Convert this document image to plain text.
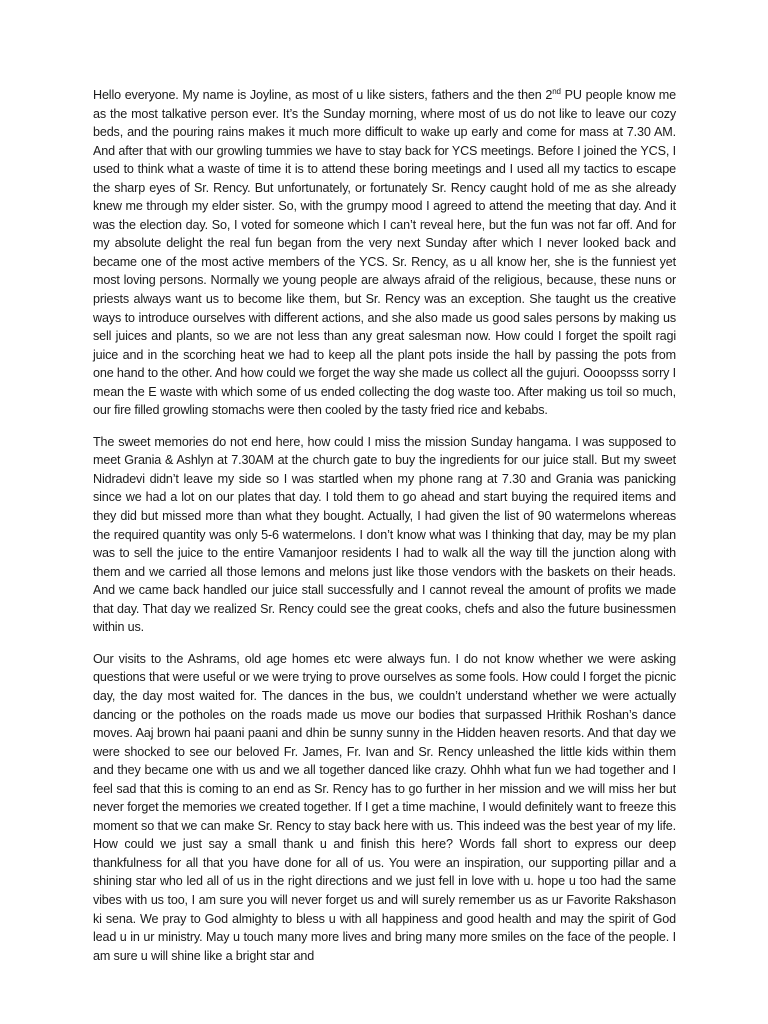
Hello everyone. My name is Joyline, as most of u like sisters, fathers and the then 2nd PU people know me as the most talkative person ever. It’s the Sunday morning, where most of us do not like to leave our cozy beds, and the pouring rains makes it much more difficult to wake up early and come for mass at 7.30 AM. And after that with our growling tummies we have to stay back for YCS meetings. Before I joined the YCS, I used to think what a waste of time it is to attend these boring meetings and I used all my tactics to escape the sharp eyes of Sr. Rency. But unfortunately, or fortunately Sr. Rency caught hold of me as she already knew me through my elder sister. So, with the grumpy mood I agreed to attend the meeting that day. And it was the election day. So, I voted for someone which I can’t reveal here, but the fun was not far off. And for my absolute delight the real fun began from the very next Sunday after which I never looked back and became one of the most active members of the YCS. Sr. Rency, as u all know her, she is the funniest yet most loving persons. Normally we young people are always afraid of the religious, because, these nuns or priests always want us to become like them, but Sr. Rency was an exception. She taught us the creative ways to introduce ourselves with different actions, and she also made us good sales persons by making us sell juices and plants, so we are not less than any great salesman now. How could I forget the spoilt ragi juice and in the scorching heat we had to keep all the plant pots inside the hall by passing the pots from one hand to the other. And how could we forget the way she made us collect all the gujuri. Oooopsss sorry I mean the E waste with which some of us ended collecting the dog waste too. After making us toil so much, our fire filled growling stomachs were then cooled by the tasty fried rice and kebabs.

The sweet memories do not end here, how could I miss the mission Sunday hangama. I was supposed to meet Grania & Ashlyn at 7.30AM at the church gate to buy the ingredients for our juice stall. But my sweet Nidradevi didn’t leave my side so I was startled when my phone rang at 7.30 and Grania was panicking since we had a lot on our plates that day. I told them to go ahead and start buying the required items and they did but missed more than what they bought. Actually, I had given the list of 90 watermelons whereas the required quantity was only 5-6 watermelons. I don’t know what was I thinking that day, may be my plan was to sell the juice to the entire Vamanjoor residents I had to walk all the way till the junction along with them and we carried all those lemons and melons just like those vendors with the baskets on their heads. And we came back handled our juice stall successfully and I cannot reveal the amount of profits we made that day. That day we realized Sr. Rency could see the great cooks, chefs and also the future businessmen within us.

Our visits to the Ashrams, old age homes etc were always fun. I do not know whether we were asking questions that were useful or we were trying to prove ourselves as some fools. How could I forget the picnic day, the day most waited for. The dances in the bus, we couldn’t understand whether we were actually dancing or the potholes on the roads made us move our bodies that surpassed Hrithik Roshan’s dance moves. Aaj brown hai paani paani and dhin be sunny sunny in the Hidden heaven resorts. And that day we were shocked to see our beloved Fr. James, Fr. Ivan and Sr. Rency unleashed the little kids within them and they became one with us and we all together danced like crazy. Ohhh what fun we had together and I feel sad that this is coming to an end as Sr. Rency has to go further in her mission and we will miss her but never forget the memories we created together. If I get a time machine, I would definitely want to freeze this moment so that we can make Sr. Rency to stay back here with us. This indeed was the best year of my life. How could we just say a small thank u and finish this here? Words fall short to express our deep thankfulness for all that you have done for all of us. You were an inspiration, our supporting pillar and a shining star who led all of us in the right directions and we just fell in love with u. hope u too had the same vibes with us too, I am sure you will never forget us and will surely remember us as ur Favorite Rakshason ki sena. We pray to God almighty to bless u with all happiness and good health and may the spirit of God lead u in ur ministry. May u touch many more lives and bring many more smiles on the face of the people. I am sure u will shine like a bright star and
